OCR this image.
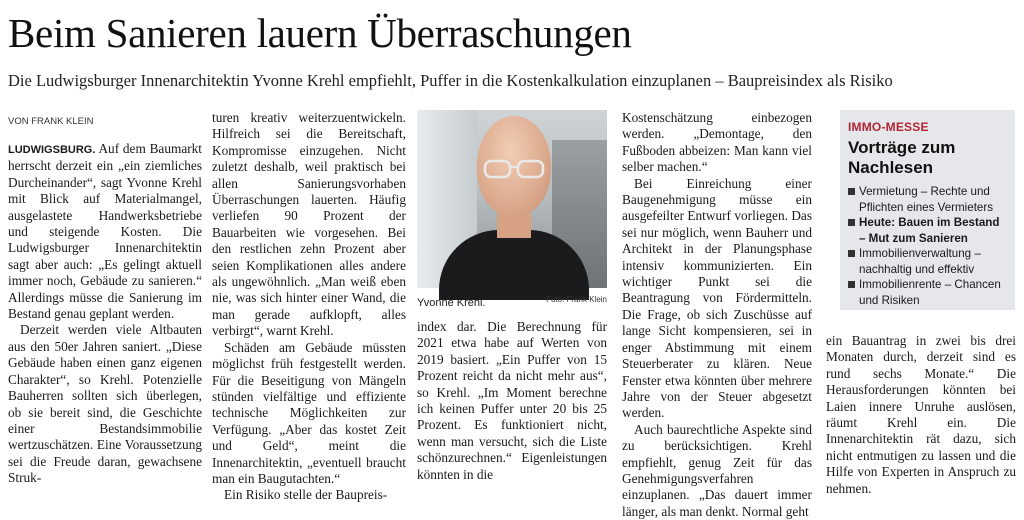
Beim Sanieren lauern Überraschungen
Die Ludwigsburger Innenarchitektin Yvonne Krehl empfiehlt, Puffer in die Kostenkalkulation einzuplanen – Baupreisindex als Risiko
VON FRANK KLEIN

LUDWIGSBURG. Auf dem Baumarkt herrscht derzeit ein „ein ziemliches Durcheinander“, sagt Yvonne Krehl mit Blick auf Materialmangel, ausgelastete Handwerksbetriebe und steigende Kosten. Die Ludwigsburger Innenarchitektin sagt aber auch: „Es gelingt aktuell immer noch, Gebäude zu sanieren.“ Allerdings müsse die Sanierung im Bestand genau geplant werden.

Derzeit werden viele Altbauten aus den 50er Jahren saniert. „Diese Gebäude haben einen ganz eigenen Charakter“, so Krehl. Potenzielle Bauherren sollten sich überlegen, ob sie bereit sind, die Geschichte einer Bestandsimmobilie wertzuschätzen. Eine Voraussetzung sei die Freude daran, gewachsene Struk-

turen kreativ weiterzuentwickeln. Hilfreich sei die Bereitschaft, Kompromisse einzugehen. Nicht zuletzt deshalb, weil praktisch bei allen Sanierungsvorhaben Überraschungen lauerten. Häufig verliefen 90 Prozent der Bauarbeiten wie vorgesehen. Bei den restlichen zehn Prozent aber seien Komplikationen alles andere als ungewöhnlich. „Man weiß eben nie, was sich hinter einer Wand, die man gerade aufklopft, alles verbirgt“, warnt Krehl.

Schäden am Gebäude müssten möglichst früh festgestellt werden. Für die Beseitigung von Mängeln stünden vielfältige und effiziente technische Möglichkeiten zur Verfügung. „Aber das kostet Zeit und Geld“, meint die Innenarchitektin, „eventuell braucht man ein Baugutachten.“

Ein Risiko stelle der Baupreis-

Yvonne Krehl.	Foto: Frank Klein

index dar. Die Berechnung für 2021 etwa habe auf Werten von 2019 basiert. „Ein Puffer von 15 Prozent reicht da nicht mehr aus“, so Krehl. „Im Moment berechne ich keinen Puffer unter 20 bis 25 Prozent. Es funktioniert nicht, wenn man versucht, sich die Liste schönzurechnen.“ Eigenleistungen könnten in die

Kostenschätzung einbezogen werden. „Demontage, den Fußboden abbeizen: Man kann viel selber machen.“

Bei Einreichung einer Baugenehmigung müsse ein ausgefeilter Entwurf vorliegen. Das sei nur möglich, wenn Bauherr und Architekt in der Planungsphase intensiv kommunizierten. Ein wichtiger Punkt sei die Beantragung von Fördermitteln. Die Frage, ob sich Zuschüsse auf lange Sicht kompensieren, sei in enger Abstimmung mit einem Steuerberater zu klären. Neue Fenster etwa könnten über mehrere Jahre von der Steuer abgesetzt werden.

Auch baurechtliche Aspekte sind zu berücksichtigen. Krehl empfiehlt, genug Zeit für das Genehmigungsverfahren einzuplanen. „Das dauert immer länger, als man denkt. Normal geht

IMMO-MESSE
Vorträge zum Nachlesen
Vermietung – Rechte und Pflichten eines Vermieters
Heute: Bauen im Bestand – Mut zum Sanieren
Immobilienverwaltung – nachhaltig und effektiv
Immobilienrente – Chancen und Risiken

ein Bauantrag in zwei bis drei Monaten durch, derzeit sind es rund sechs Monate.“ Die Herausforderungen könnten bei Laien innere Unruhe auslösen, räumt Krehl ein. Die Innenarchitektin rät dazu, sich nicht entmutigen zu lassen und die Hilfe von Experten in Anspruch zu nehmen.
